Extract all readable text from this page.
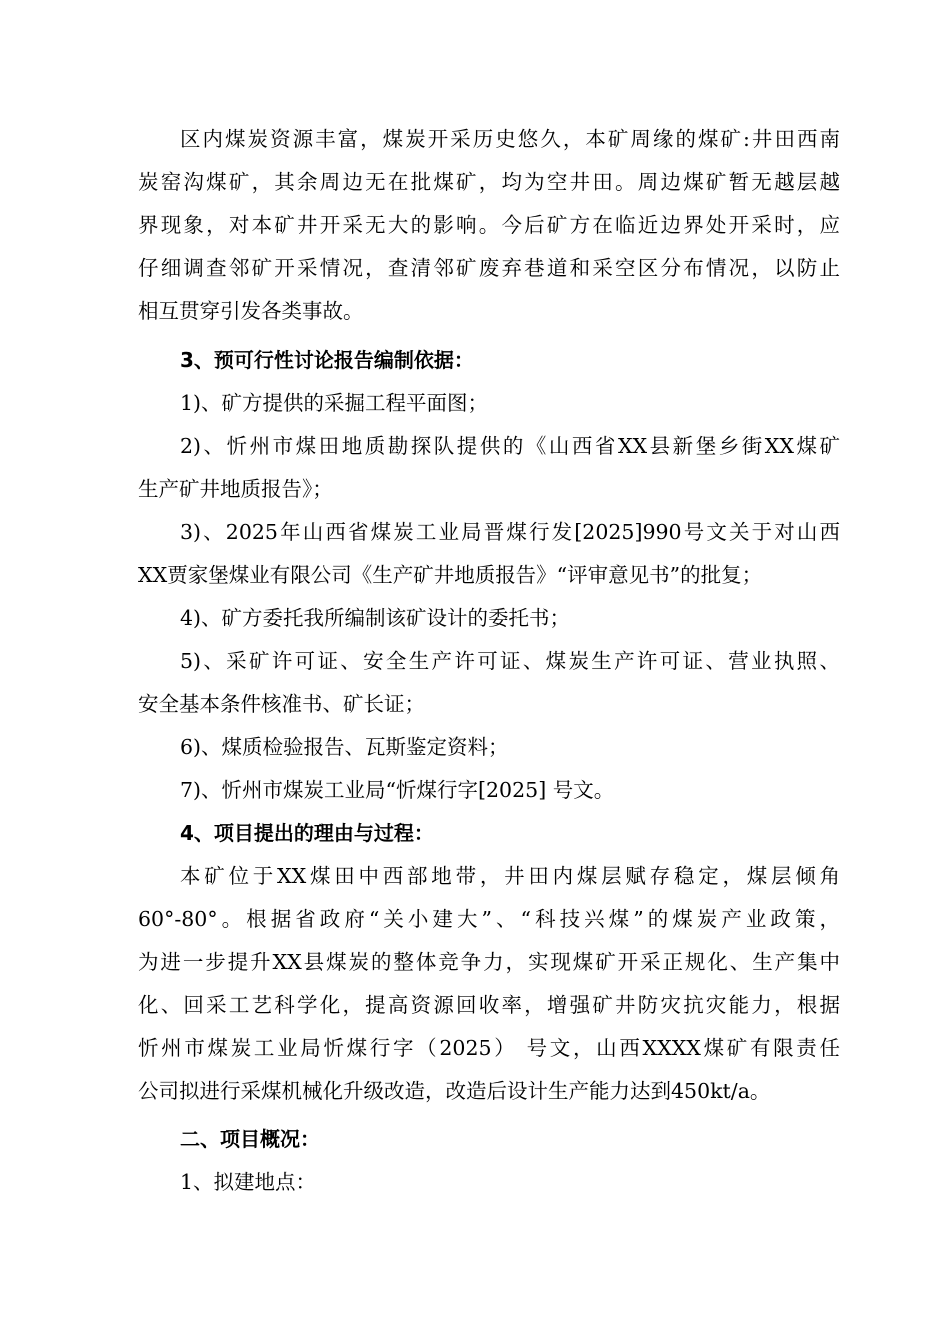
区内煤炭资源丰富，煤炭开采历史悠久，本矿周缘的煤矿:井田西南
炭窑沟煤矿，其余周边无在批煤矿，均为空井田。周边煤矿暂无越层越
界现象，对本矿井开采无大的影响。今后矿方在临近边界处开采时，应
仔细调查邻矿开采情况，查清邻矿废弃巷道和采空区分布情况，以防止
相互贯穿引发各类事故。
3、预可行性讨论报告编制依据：
1)、矿方提供的采掘工程平面图；
2)、忻州市煤田地质勘探队提供的《山西省XX县新堡乡街XX煤矿
生产矿井地质报告》；
3)、2025年山西省煤炭工业局晋煤行发[2025]990号文关于对山西
XX贾家堡煤业有限公司《生产矿井地质报告》“评审意见书”的批复；
4)、矿方委托我所编制该矿设计的委托书；
5)、采矿许可证、安全生产许可证、煤炭生产许可证、营业执照、
安全基本条件核准书、矿长证；
6)、煤质检验报告、瓦斯鉴定资料；
7)、忻州市煤炭工业局“忻煤行字[2025] 号文。
4、项目提出的理由与过程：
本矿位于XX煤田中西部地带，井田内煤层赋存稳定，煤层倾角
60°-80°。根据省政府“关小建大”、“科技兴煤”的煤炭产业政策，
为进一步提升XX县煤炭的整体竞争力，实现煤矿开采正规化、生产集中
化、回采工艺科学化，提高资源回收率，增强矿井防灾抗灾能力，根据
忻州市煤炭工业局忻煤行字（2025） 号文，山西XXXX煤矿有限责任
公司拟进行采煤机械化升级改造，改造后设计生产能力达到450kt/a。
二、项目概况：
1、拟建地点：
